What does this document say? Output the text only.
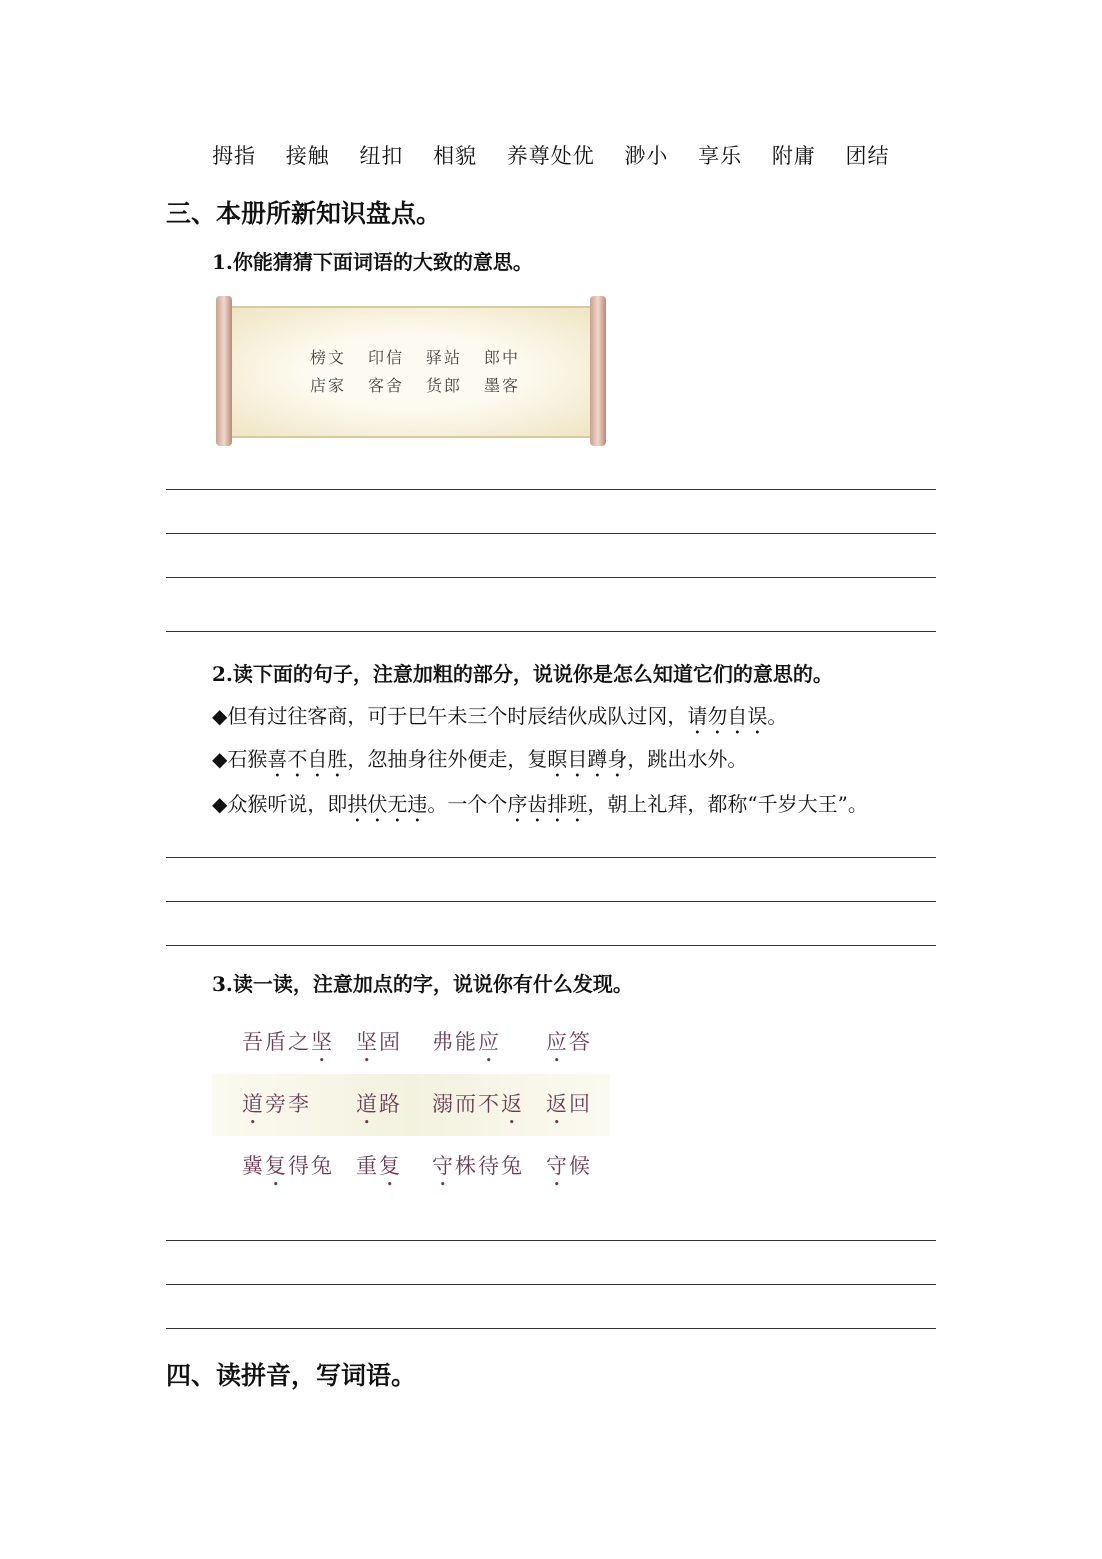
拇指 接触 纽扣 相貌 养尊处优 渺小 享乐 附庸 团结
三、本册所新知识盘点。
1.你能猜猜下面词语的大致的意思。
榜文 印信 驿站 郎中
店家 客舍 货郎 墨客
2.读下面的句子，注意加粗的部分，说说你是怎么知道它们的意思的。
◆但有过往客商，可于巳午未三个时辰结伙成队过冈，请勿自误。
◆石猴喜不自胜，忽抽身往外便走，复瞑目蹲身，跳出水外。
◆众猴听说，即拱伏无违。一个个序齿排班，朝上礼拜，都称“千岁大王”。
3.读一读，注意加点的字，说说你有什么发现。
吾盾之坚 坚固 弗能应 应答
道旁李 道路 溺而不返 返回
冀复得兔 重复 守株待兔 守候
四、读拼音，写词语。
